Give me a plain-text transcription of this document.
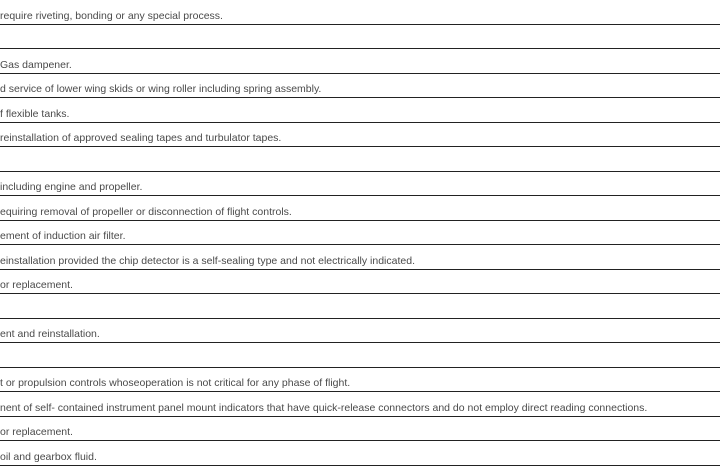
require riveting, bonding or any special process.
Gas dampener.
d service of lower wing skids or wing roller including spring assembly.
f flexible tanks.
reinstallation of approved sealing tapes and turbulator tapes.
including engine and propeller.
equiring removal of propeller or disconnection of flight controls.
ement of induction air filter.
einstallation provided the chip detector is a self-sealing type and not electrically indicated.
or replacement.
ent and reinstallation.
t or propulsion controls whoseoperation is not critical for any phase of flight.
nent of self- contained instrument panel mount indicators that have quick-release connectors and do not employ direct reading connections.
or replacement.
oil and gearbox fluid.
